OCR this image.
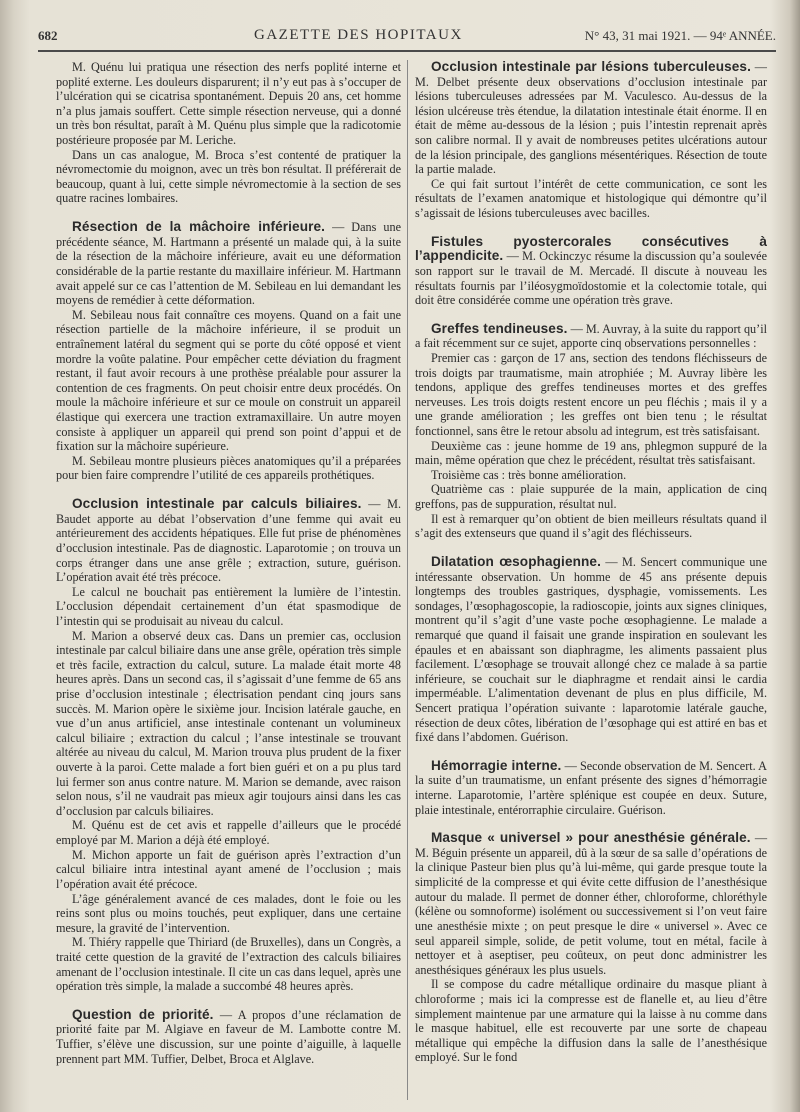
682	GAZETTE DES HOPITAUX	N° 43, 31 mai 1921. — 94ᵉ ANNÉE.

M. Quénu lui pratiqua une résection des nerfs poplité interne et poplité externe. Les douleurs disparurent; il n’y eut pas à s’occuper de l’ulcération qui se cicatrisa spontanément. Depuis 20 ans, cet homme n’a plus jamais souffert. Cette simple résection nerveuse, qui a donné un très bon résultat, paraît à M. Quénu plus simple que la radicotomie postérieure proposée par M. Leriche.

Dans un cas analogue, M. Broca s’est contenté de pratiquer la névromectomie du moignon, avec un très bon résultat. Il préférerait de beaucoup, quant à lui, cette simple névromectomie à la section de ses quatre racines lombaires.

Résection de la mâchoire inférieure. — Dans une précédente séance, M. Hartmann a présenté un malade qui, à la suite de la résection de la mâchoire inférieure, avait eu une déformation considérable de la partie restante du maxillaire inférieur. M. Hartmann avait appelé sur ce cas l’attention de M. Sebileau en lui demandant les moyens de remédier à cette déformation.

M. Sebileau nous fait connaître ces moyens. Quand on a fait une résection partielle de la mâchoire inférieure, il se produit un entraînement latéral du segment qui se porte du côté opposé et vient mordre la voûte palatine. Pour empêcher cette déviation du fragment restant, il faut avoir recours à une prothèse préalable pour assurer la contention de ces fragments. On peut choisir entre deux procédés. On moule la mâchoire inférieure et sur ce moule on construit un appareil élastique qui exercera une traction extramaxillaire. Un autre moyen consiste à appliquer un appareil qui prend son point d’appui et de fixation sur la mâchoire supérieure.

M. Sebileau montre plusieurs pièces anatomiques qu’il a préparées pour bien faire comprendre l’utilité de ces appareils prothétiques.

Occlusion intestinale par calculs biliaires. — M. Baudet apporte au débat l’observation d’une femme qui avait eu antérieurement des accidents hépatiques. Elle fut prise de phénomènes d’occlusion intestinale. Pas de diagnostic. Laparotomie ; on trouva un corps étranger dans une anse grêle ; extraction, suture, guérison. L’opération avait été très précoce.

Le calcul ne bouchait pas entièrement la lumière de l’intestin. L’occlusion dépendait certainement d’un état spasmodique de l’intestin qui se produisait au niveau du calcul.

M. Marion a observé deux cas. Dans un premier cas, occlusion intestinale par calcul biliaire dans une anse grêle, opération très simple et très facile, extraction du calcul, suture. La malade était morte 48 heures après. Dans un second cas, il s’agissait d’une femme de 65 ans prise d’occlusion intestinale ; électrisation pendant cinq jours sans succès. M. Marion opère le sixième jour. Incision latérale gauche, en vue d’un anus artificiel, anse intestinale contenant un volumineux calcul biliaire ; extraction du calcul ; l’anse intestinale se trouvant altérée au niveau du calcul, M. Marion trouva plus prudent de la fixer ouverte à la paroi. Cette malade a fort bien guéri et on a pu plus tard lui fermer son anus contre nature. M. Marion se demande, avec raison selon nous, s’il ne vaudrait pas mieux agir toujours ainsi dans les cas d’occlusion par calculs biliaires.

M. Quénu est de cet avis et rappelle d’ailleurs que le procédé employé par M. Marion a déjà été employé.

M. Michon apporte un fait de guérison après l’extraction d’un calcul biliaire intra intestinal ayant amené de l’occlusion ; mais l’opération avait été précoce.

L’âge généralement avancé de ces malades, dont le foie ou les reins sont plus ou moins touchés, peut expliquer, dans une certaine mesure, la gravité de l’intervention.

M. Thiéry rappelle que Thiriard (de Bruxelles), dans un Congrès, a traité cette question de la gravité de l’extraction des calculs biliaires amenant de l’occlusion intestinale. Il cite un cas dans lequel, après une opération très simple, la malade a succombé 48 heures après.

Question de priorité. — A propos d’une réclamation de priorité faite par M. Algiave en faveur de M. Lambotte contre M. Tuffier, s’élève une discussion, sur une pointe d’aiguille, à laquelle prennent part MM. Tuffier, Delbet, Broca et Alglave.

Occlusion intestinale par lésions tuberculeuses. — M. Delbet présente deux observations d’occlusion intestinale par lésions tuberculeuses adressées par M. Vaculesco. Au-dessus de la lésion ulcéreuse très étendue, la dilatation intestinale était énorme. Il en était de même au-dessous de la lésion ; puis l’intestin reprenait après son calibre normal. Il y avait de nombreuses petites ulcérations autour de la lésion principale, des ganglions mésentériques. Résection de toute la partie malade.

Ce qui fait surtout l’intérêt de cette communication, ce sont les résultats de l’examen anatomique et histologique qui démontre qu’il s’agissait de lésions tuberculeuses avec bacilles.

Fistules pyostercorales consécutives à l’appendicite. — M. Ockinczyc résume la discussion qu’a soulevée son rapport sur le travail de M. Mercadé. Il discute à nouveau les résultats fournis par l’iléosygmoïdostomie et la colectomie totale, qui doit être considérée comme une opération très grave.

Greffes tendineuses. — M. Auvray, à la suite du rapport qu’il a fait récemment sur ce sujet, apporte cinq observations personnelles :

Premier cas : garçon de 17 ans, section des tendons fléchisseurs de trois doigts par traumatisme, main atrophiée ; M. Auvray libère les tendons, applique des greffes tendineuses mortes et des greffes nerveuses. Les trois doigts restent encore un peu fléchis ; mais il y a une grande amélioration ; les greffes ont bien tenu ; le résultat fonctionnel, sans être le retour absolu ad integrum, est très satisfaisant.

Deuxième cas : jeune homme de 19 ans, phlegmon suppuré de la main, même opération que chez le précédent, résultat très satisfaisant.

Troisième cas : très bonne amélioration.

Quatrième cas : plaie suppurée de la main, application de cinq greffons, pas de suppuration, résultat nul.

Il est à remarquer qu’on obtient de bien meilleurs résultats quand il s’agit des extenseurs que quand il s’agit des fléchisseurs.

Dilatation œsophagienne. — M. Sencert communique une intéressante observation. Un homme de 45 ans présente depuis longtemps des troubles gastriques, dysphagie, vomissements. Les sondages, l’œsophagoscopie, la radioscopie, joints aux signes cliniques, montrent qu’il s’agit d’une vaste poche œsophagienne. Le malade a remarqué que quand il faisait une grande inspiration en soulevant les épaules et en abaissant son diaphragme, les aliments passaient plus facilement. L’œsophage se trouvait allongé chez ce malade à sa partie inférieure, se couchait sur le diaphragme et rendait ainsi le cardia imperméable. L’alimentation devenant de plus en plus difficile, M. Sencert pratiqua l’opération suivante : laparotomie latérale gauche, résection de deux côtes, libération de l’œsophage qui est attiré en bas et fixé dans l’abdomen. Guérison.

Hémorragie interne. — Seconde observation de M. Sencert. A la suite d’un traumatisme, un enfant présente des signes d’hémorragie interne. Laparotomie, l’artère splénique est coupée en deux. Suture, plaie intestinale, entérorraphie circulaire. Guérison.

Masque « universel » pour anesthésie générale. — M. Béguin présente un appareil, dû à la sœur de sa salle d’opérations de la clinique Pasteur bien plus qu’à lui-même, qui garde presque toute la simplicité de la compresse et qui évite cette diffusion de l’anesthésique autour du malade. Il permet de donner éther, chloroforme, chloréthyle (kélène ou somnoforme) isolément ou successivement si l’on veut faire une anesthésie mixte ; on peut presque le dire « universel ». Avec ce seul appareil simple, solide, de petit volume, tout en métal, facile à nettoyer et à aseptiser, peu coûteux, on peut donc administrer les anesthésiques généraux les plus usuels.

Il se compose du cadre métallique ordinaire du masque pliant à chloroforme ; mais ici la compresse est de flanelle et, au lieu d’être simplement maintenue par une armature qui la laisse à nu comme dans le masque habituel, elle est recouverte par une sorte de chapeau métallique qui empêche la diffusion dans la salle de l’anesthésique employé. Sur le fond
